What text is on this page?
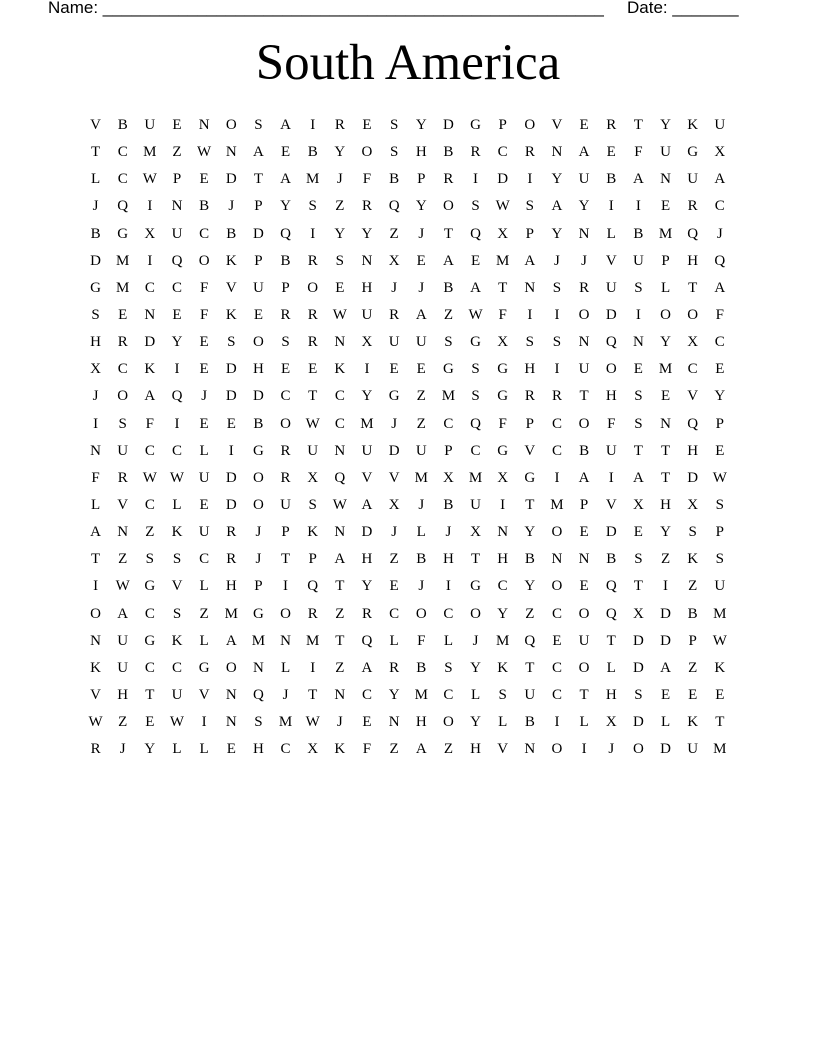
Name: _____________________________________________________ Date: _______
South America
V	B	U	E	N	O	S	A	I	R	E	S	Y	D	G	P	O	V	E	R	T	Y	K	U
T	C	M	Z	W N	A	E	B	Y	O	S	H	B	R	C	R	N	A	E	F	U	G	X
L	C	W	P	E	D	T	A	M	J	F	B	P	R	I	D	I	Y	U	B	A	N	U	A
J	Q	I	N	B	J	P	Y	S	Z	R	Q	Y	O	S	W	S	A	Y	I	I	E	R	C
B	G	X	U	C	B	D	Q	I	Y	Y	Z	J	T	Q	X	P	Y	N	L	B	M	Q	J
D	M	I	Q	O	K	P	B	R	S	N	X	E	A	E	M	A	J	J	V	U	P	H	Q
G	M	C	C	F	V	U	P	O	E	H	J	J	B	A	T	N	S	R	U	S	L	T	A
S	E	N	E	F	K	E	R	R	W U	R	A	Z	W	F	I	I	O	D	I	O	O	F
H	R	D	Y	E	S	O	S	R	N	X	U	U	S	G	X	S	S	N	Q	N	Y	X	C
X	C	K	I	E	D	H	E	E	K	I	E	E	G	S	G	H	I	U	O	E	M	C	E
J	O	A	Q	J	D	D	C	T	C	Y	G	Z	M	S	G	R	R	T	H	S	E	V	Y
I	S	F	I	E	E	B	O W	C	M	J	Z	C	Q	F	P	C	O	F	S	N	Q	P
N	U	C	C	L	I	G	R	U	N	U	D	U	P	C	G	V	C	B	U	T	T	H	E
F	R	W W U	D	O	R	X	Q	V	V	M	X	M	X	G	I	A	I	A	T	D W
L	V	C	L	E	D	O	U	S	W A	X	J	B	U	I	T	M	P	V	X	H	X	S
A	N	Z	K	U	R	J	P	K	N	D	J	L	J	X	N	Y	O	E	D	E	Y	S	P
T	Z	S	S	C	R	J	T	P	A	H	Z	B	H	T	H	B	N	N	B	S	Z	K	S
I	W G	V	L	H	P	I	Q	T	Y	E	J	I	G	C	Y	O	E	Q	T	I	Z	U
O	A	C	S	Z	M	G	O	R	Z	R	C	O	C	O	Y	Z	C	O	Q	X	D	B	M
N	U	G	K	L	A	M	N	M	T	Q	L	F	L	J	M	Q	E	U	T	D	D	P	W
K	U	C	C	G	O	N	L	I	Z	A	R	B	S	Y	K	T	C	O	L	D	A	Z	K
V	H	T	U	V	N	Q	J	T	N	C	Y	M	C	L	S	U	C	T	H	S	E	E	E
W	Z	E	W	I	N	S	M W	J	E	N	H	O	Y	L	B	I	L	X	D	L	K	T
R	J	Y	L	L	E	H	C	X	K	F	Z	A	Z	H	V	N	O	I	J	O	D	U	M
